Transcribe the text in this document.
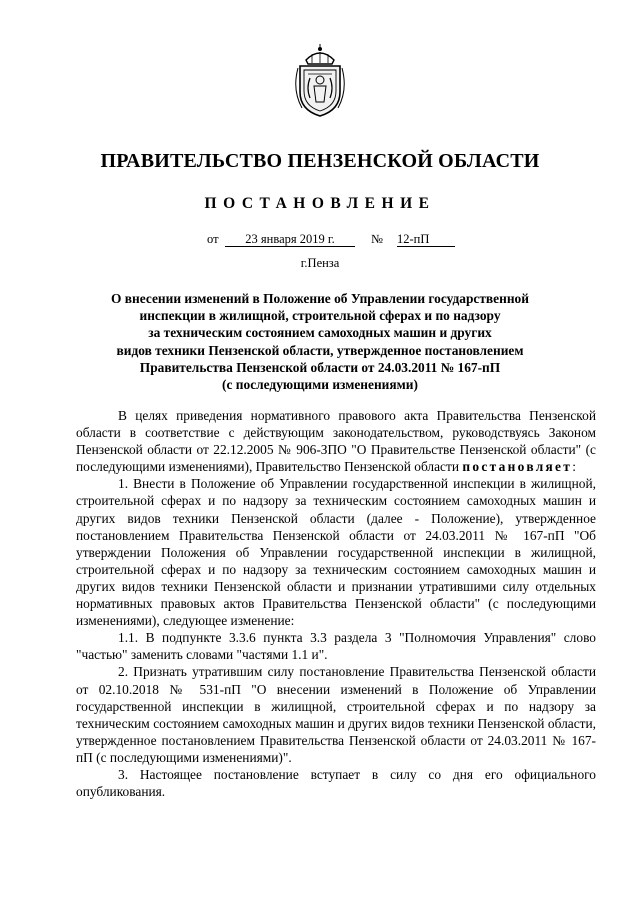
ПРАВИТЕЛЬСТВО ПЕНЗЕНСКОЙ ОБЛАСТИ
ПОСТАНОВЛЕНИЕ
от	23 января 2019 г.	№ 12-пП
г.Пенза
О внесении изменений в Положение об Управлении государственной
инспекции в жилищной, строительной сферах и по надзору
за техническим состоянием самоходных машин и других
видов техники Пензенской области, утвержденное постановлением
Правительства Пензенской области от 24.03.2011 № 167-пП
(с последующими изменениями)

В целях приведения нормативного правового акта Правительства Пензенской области в соответствие с действующим законодательством, руководствуясь Законом Пензенской области от 22.12.2005 № 906-ЗПО "О Правительстве Пензенской области" (с последующими изменениями), Правительство Пензенской области постановляет:

1. Внести в Положение об Управлении государственной инспекции в жилищной, строительной сферах и по надзору за техническим состоянием самоходных машин и других видов техники Пензенской области (далее - Положение), утвержденное постановлением Правительства Пензенской области от 24.03.2011 № 167-пП "Об утверждении Положения об Управлении государственной инспекции в жилищной, строительной сферах и по надзору за техническим состоянием самоходных машин и других видов техники Пензенской области и признании утратившими силу отдельных нормативных правовых актов Правительства Пензенской области" (с последующими изменениями), следующее изменение:

1.1. В подпункте 3.3.6 пункта 3.3 раздела 3 "Полномочия Управления" слово "частью" заменить словами "частями 1.1 и".

2. Признать утратившим силу постановление Правительства Пензенской области от 02.10.2018 № 531-пП "О внесении изменений в Положение об Управлении государственной инспекции в жилищной, строительной сферах и по надзору за техническим состоянием самоходных машин и других видов техники Пензенской области, утвержденное постановлением Правительства Пензенской области от 24.03.2011 № 167-пП (с последующими изменениями)".

3. Настоящее постановление вступает в силу со дня его официального опубликования.
